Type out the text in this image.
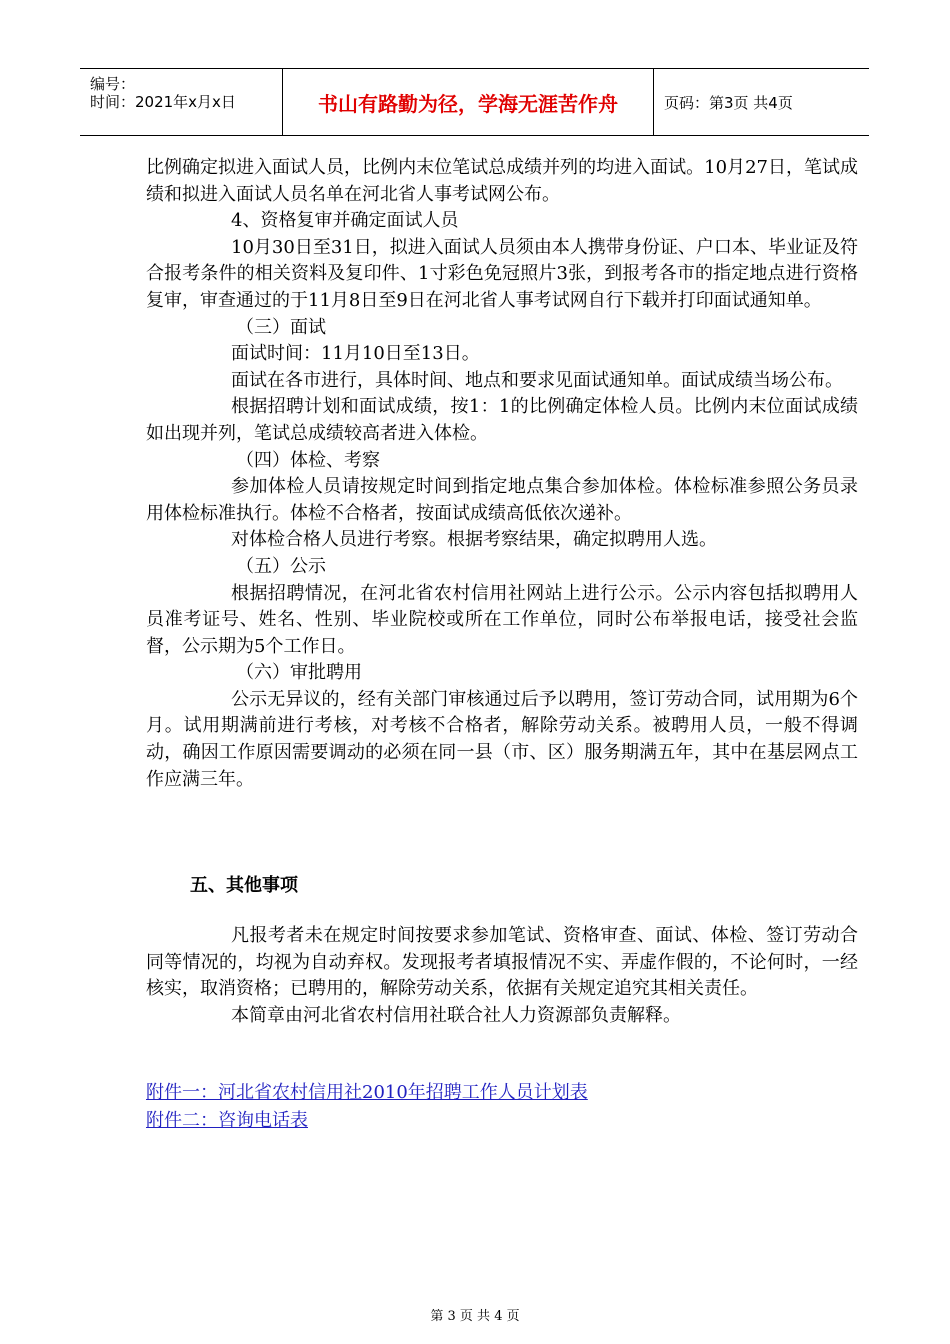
编号：
时间：2021年x月x日	书山有路勤为径，学海无涯苦作舟	页码：第3页 共4页

比例确定拟进入面试人员，比例内末位笔试总成绩并列的均进入面试。10月27日，笔试成绩和拟进入面试人员名单在河北省人事考试网公布。

4、资格复审并确定面试人员

10月30日至31日，拟进入面试人员须由本人携带身份证、户口本、毕业证及符合报考条件的相关资料及复印件、1寸彩色免冠照片3张，到报考各市的指定地点进行资格复审，审查通过的于11月8日至9日在河北省人事考试网自行下载并打印面试通知单。

（三）面试

面试时间：11月10日至13日。

面试在各市进行，具体时间、地点和要求见面试通知单。面试成绩当场公布。

根据招聘计划和面试成绩，按1：1的比例确定体检人员。比例内末位面试成绩如出现并列，笔试总成绩较高者进入体检。

（四）体检、考察

参加体检人员请按规定时间到指定地点集合参加体检。体检标准参照公务员录用体检标准执行。体检不合格者，按面试成绩高低依次递补。

对体检合格人员进行考察。根据考察结果，确定拟聘用人选。

（五）公示

根据招聘情况，在河北省农村信用社网站上进行公示。公示内容包括拟聘用人员准考证号、姓名、性别、毕业院校或所在工作单位，同时公布举报电话，接受社会监督，公示期为5个工作日。

（六）审批聘用

公示无异议的，经有关部门审核通过后予以聘用，签订劳动合同，试用期为6个月。试用期满前进行考核，对考核不合格者，解除劳动关系。被聘用人员，一般不得调动，确因工作原因需要调动的必须在同一县（市、区）服务期满五年，其中在基层网点工作应满三年。

五、其他事项

凡报考者未在规定时间按要求参加笔试、资格审查、面试、体检、签订劳动合同等情况的，均视为自动弃权。发现报考者填报情况不实、弄虚作假的，不论何时，一经核实，取消资格；已聘用的，解除劳动关系，依据有关规定追究其相关责任。

本简章由河北省农村信用社联合社人力资源部负责解释。

附件一：河北省农村信用社2010年招聘工作人员计划表
附件二：咨询电话表
第 3 页 共 4 页
